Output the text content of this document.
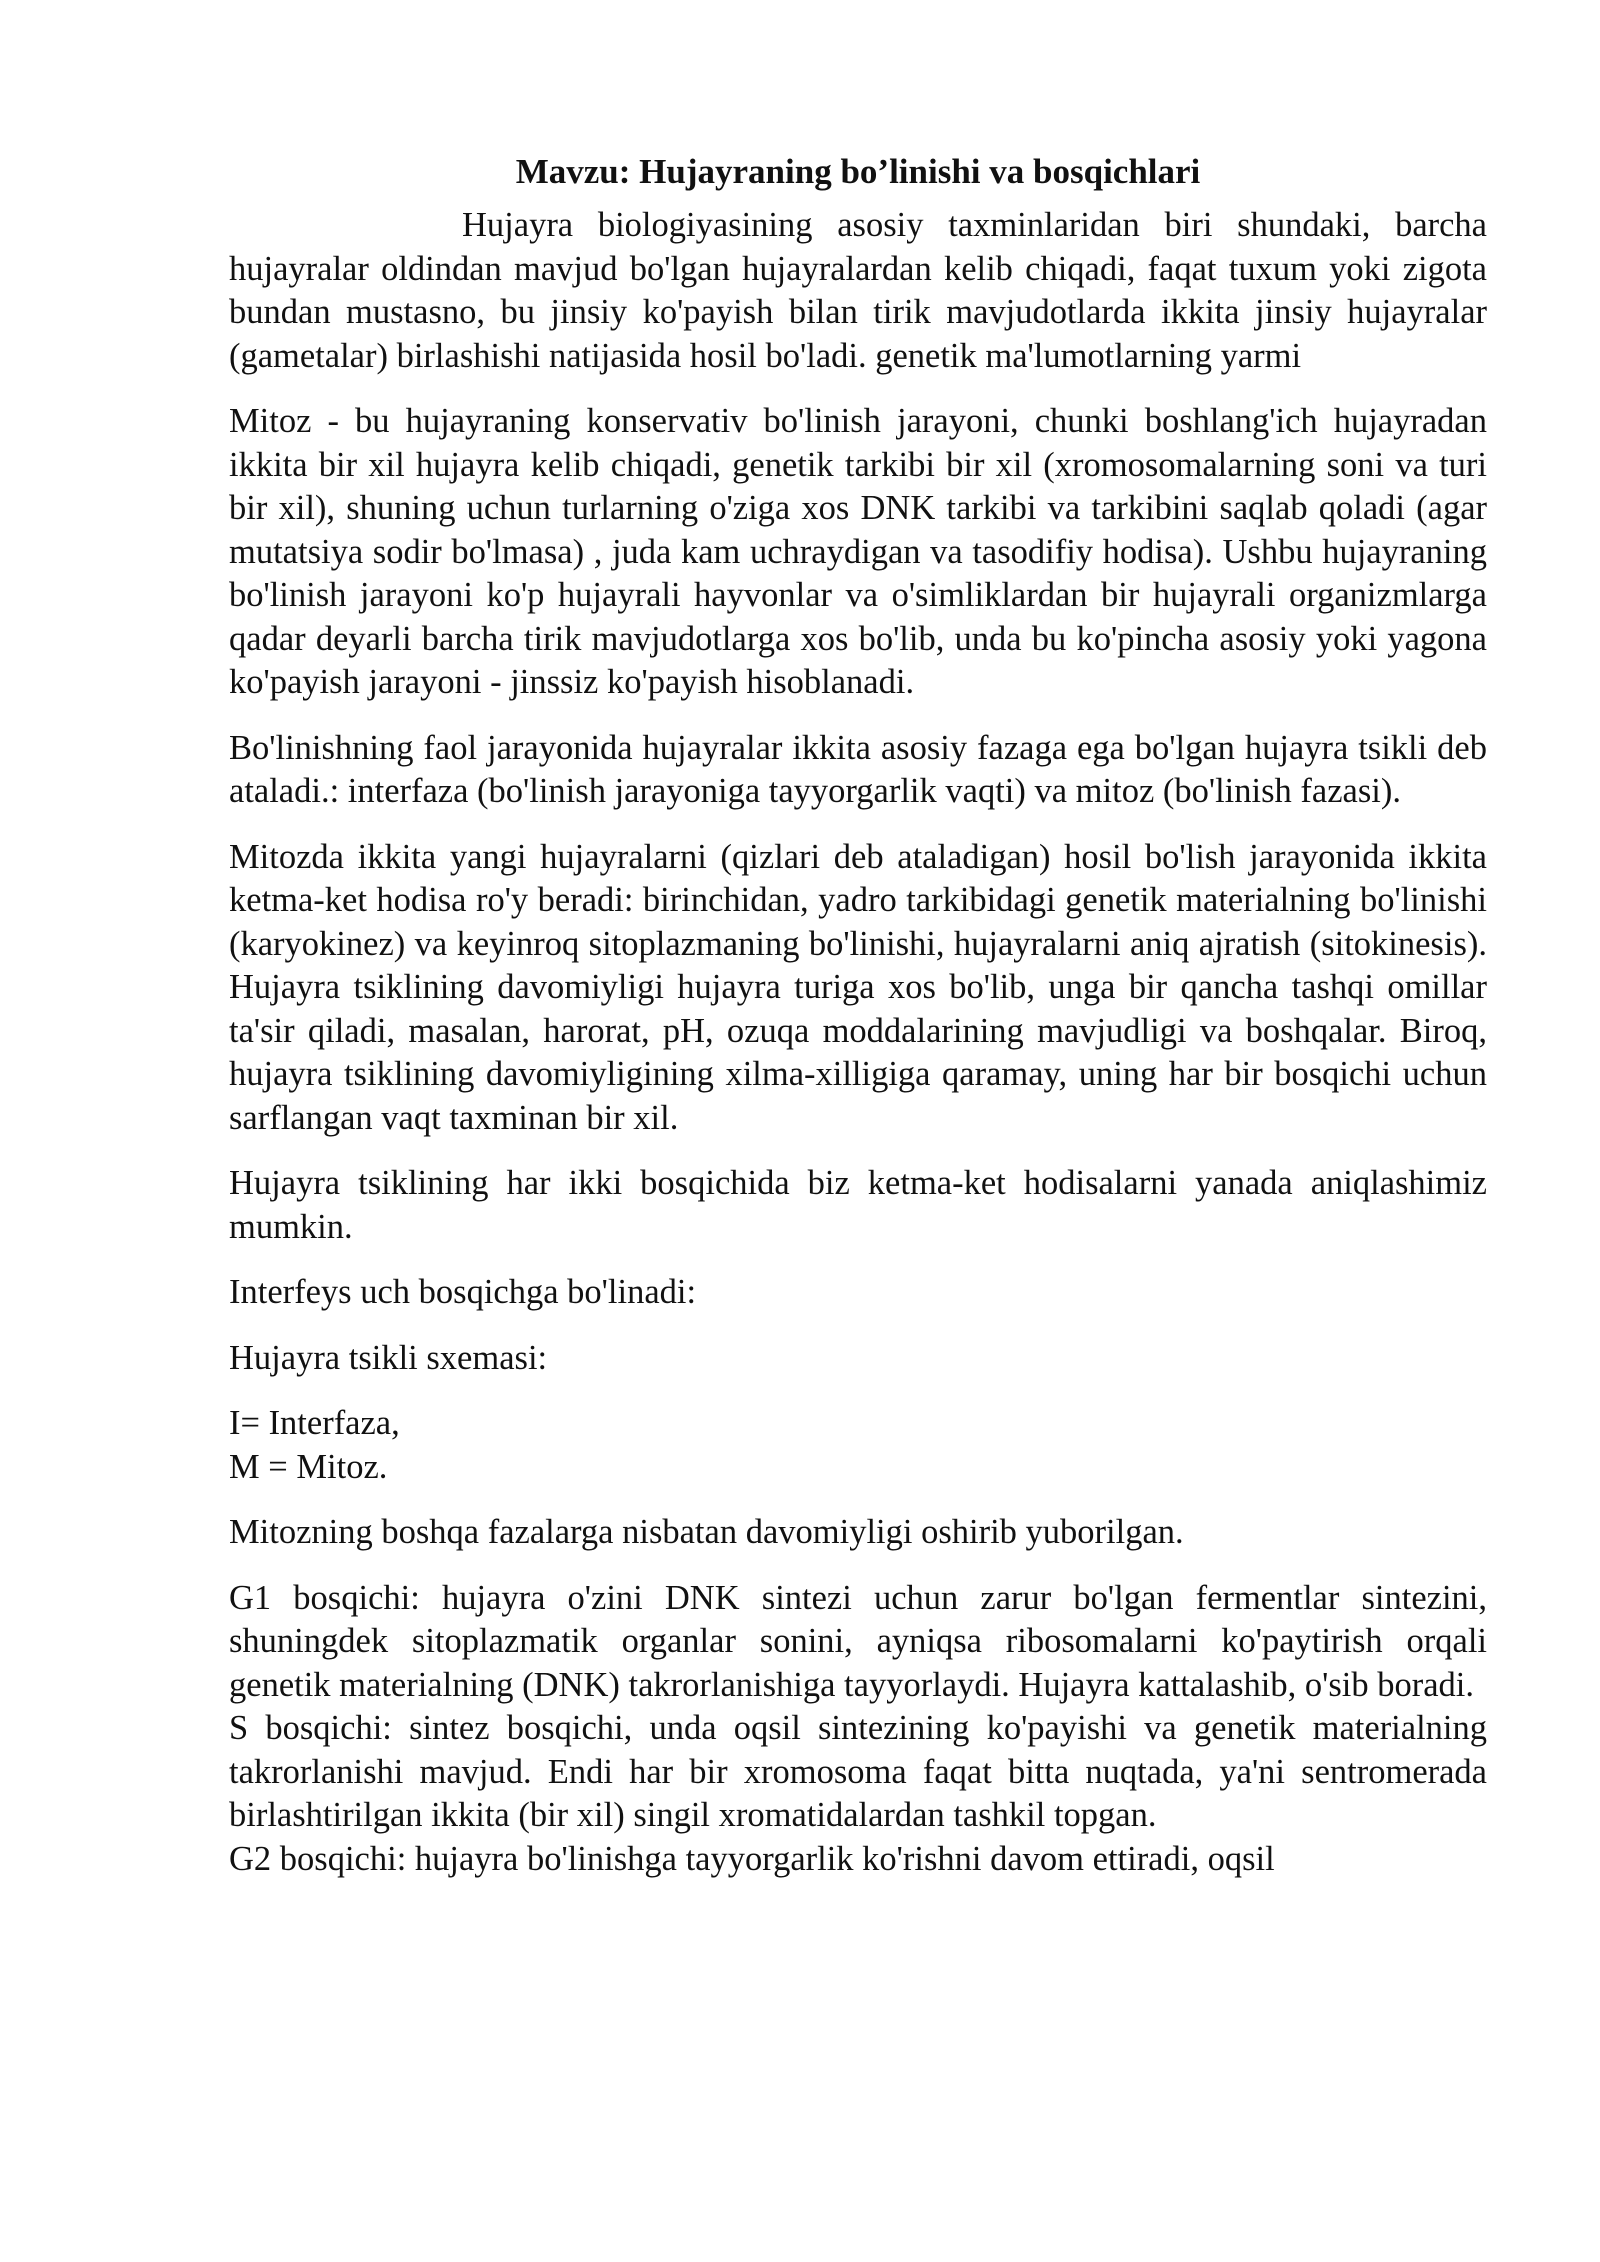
Mavzu: Hujayraning bo’linishi va bosqichlari

Hujayra biologiyasining asosiy taxminlaridan biri shundaki, barcha hujayralar oldindan mavjud bo'lgan hujayralardan kelib chiqadi, faqat tuxum yoki zigota bundan mustasno, bu jinsiy ko'payish bilan tirik mavjudotlarda ikkita jinsiy hujayralar (gametalar) birlashishi natijasida hosil bo'ladi. genetik ma'lumotlarning yarmi

Mitoz - bu hujayraning konservativ bo'linish jarayoni, chunki boshlang'ich hujayradan ikkita bir xil hujayra kelib chiqadi, genetik tarkibi bir xil (xromosomalarning soni va turi bir xil), shuning uchun turlarning o'ziga xos DNK tarkibi va tarkibini saqlab qoladi (agar mutatsiya sodir bo'lmasa) , juda kam uchraydigan va tasodifiy hodisa). Ushbu hujayraning bo'linish jarayoni ko'p hujayrali hayvonlar va o'simliklardan bir hujayrali organizmlarga qadar deyarli barcha tirik mavjudotlarga xos bo'lib, unda bu ko'pincha asosiy yoki yagona ko'payish jarayoni - jinssiz ko'payish hisoblanadi.

Bo'linishning faol jarayonida hujayralar ikkita asosiy fazaga ega bo'lgan hujayra tsikli deb ataladi.: interfaza (bo'linish jarayoniga tayyorgarlik vaqti) va mitoz (bo'linish fazasi).

Mitozda ikkita yangi hujayralarni (qizlari deb ataladigan) hosil bo'lish jarayonida ikkita ketma-ket hodisa ro'y beradi: birinchidan, yadro tarkibidagi genetik materialning bo'linishi (karyokinez) va keyinroq sitoplazmaning bo'linishi, hujayralarni aniq ajratish (sitokinesis). Hujayra tsiklining davomiyligi hujayra turiga xos bo'lib, unga bir qancha tashqi omillar ta'sir qiladi, masalan, harorat, pH, ozuqa moddalarining mavjudligi va boshqalar. Biroq, hujayra tsiklining davomiyligining xilma-xilligiga qaramay, uning har bir bosqichi uchun sarflangan vaqt taxminan bir xil.

Hujayra tsiklining har ikki bosqichida biz ketma-ket hodisalarni yanada aniqlashimiz mumkin.

Interfeys uch bosqichga bo'linadi:

Hujayra tsikli sxemasi:

I= Interfaza,
M = Mitoz.

Mitozning boshqa fazalarga nisbatan davomiyligi oshirib yuborilgan.

G1 bosqichi: hujayra o'zini DNK sintezi uchun zarur bo'lgan fermentlar sintezini, shuningdek sitoplazmatik organlar sonini, ayniqsa ribosomalarni ko'paytirish orqali genetik materialning (DNK) takrorlanishiga tayyorlaydi. Hujayra kattalashib, o'sib boradi.

S bosqichi: sintez bosqichi, unda oqsil sintezining ko'payishi va genetik materialning takrorlanishi mavjud. Endi har bir xromosoma faqat bitta nuqtada, ya'ni sentromerada birlashtirilgan ikkita (bir xil) singil xromatidalardan tashkil topgan.

G2 bosqichi: hujayra bo'linishga tayyorgarlik ko'rishni davom ettiradi, oqsil
